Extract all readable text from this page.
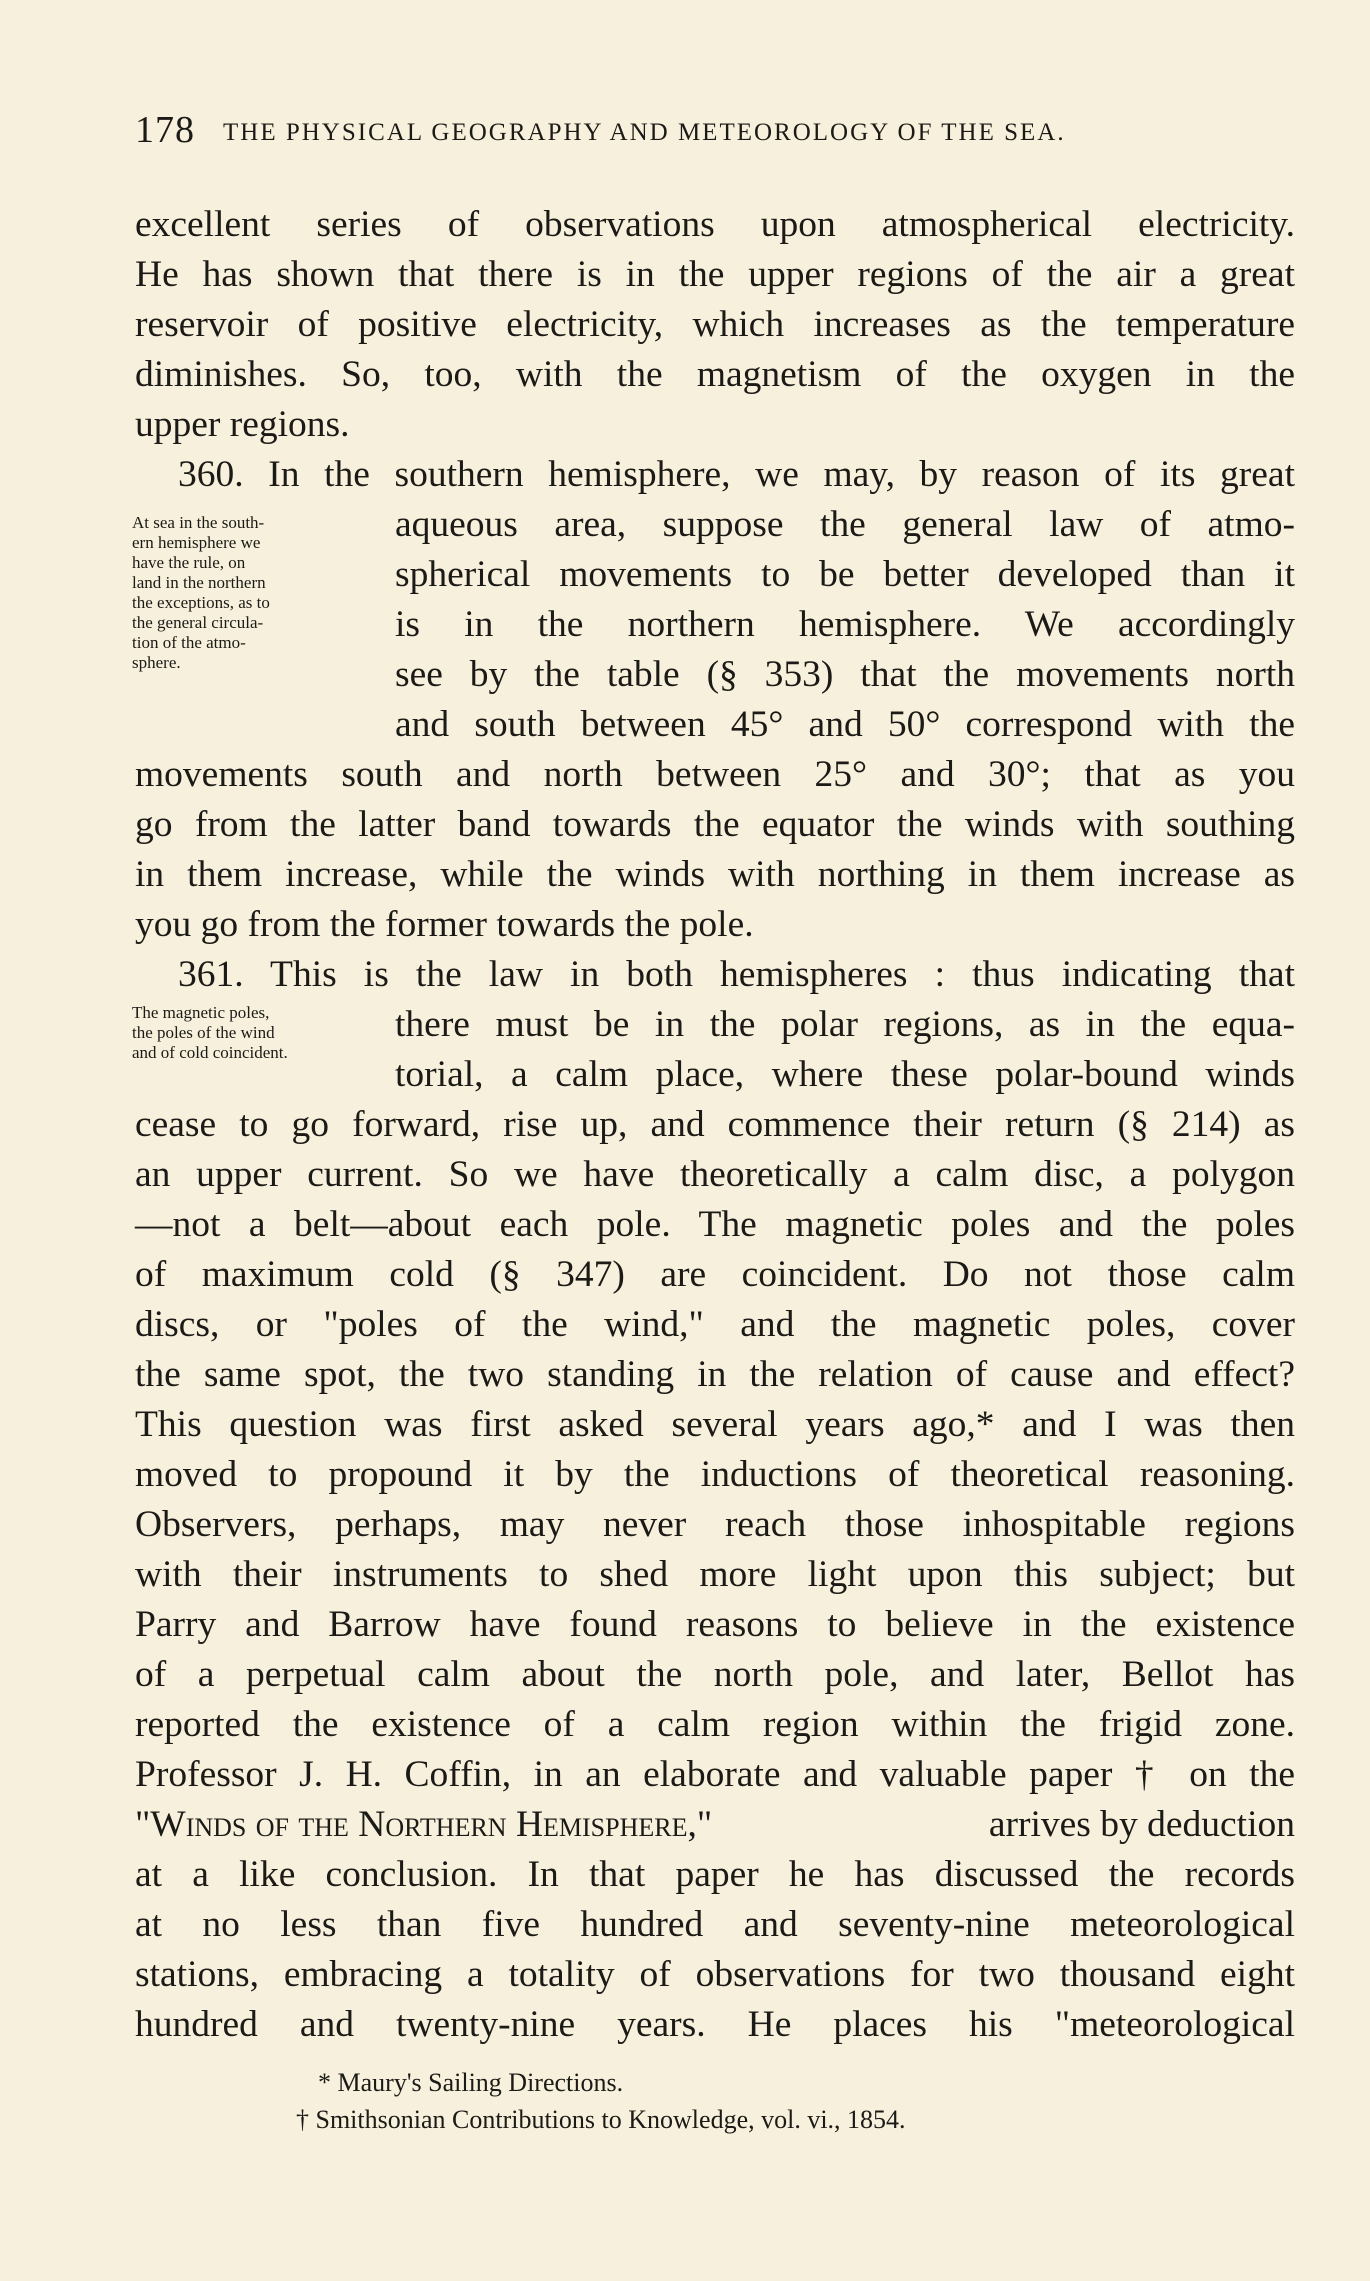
178 THE PHYSICAL GEOGRAPHY AND METEOROLOGY OF THE SEA.
excellent series of observations upon atmospherical electricity.
He has shown that there is in the upper regions of the air a great
reservoir of positive electricity, which increases as the temperature
diminishes. So, too, with the magnetism of the oxygen in the
upper regions.
360. In the southern hemisphere, we may, by reason of its great
aqueous area, suppose the general law of atmo-
spherical movements to be better developed than it
is in the northern hemisphere. We accordingly
see by the table (§ 353) that the movements north
and south between 45° and 50° correspond with the
At sea in the south-
ern hemisphere we
have the rule, on
land in the northern
the exceptions, as to
the general circula-
tion of the atmo-
sphere.
movements south and north between 25° and 30°; that as you
go from the latter band towards the equator the winds with southing
in them increase, while the winds with northing in them increase as
you go from the former towards the pole.
361. This is the law in both hemispheres : thus indicating that
there must be in the polar regions, as in the equa-
torial, a calm place, where these polar-bound winds
The magnetic poles,
the poles of the wind
and of cold coincident.
cease to go forward, rise up, and commence their return (§ 214) as
an upper current. So we have theoretically a calm disc, a polygon
—not a belt—about each pole. The magnetic poles and the poles
of maximum cold (§ 347) are coincident. Do not those calm
discs, or "poles of the wind," and the magnetic poles, cover
the same spot, the two standing in the relation of cause and effect?
This question was first asked several years ago,* and I was then
moved to propound it by the inductions of theoretical reasoning.
Observers, perhaps, may never reach those inhospitable regions
with their instruments to shed more light upon this subject; but
Parry and Barrow have found reasons to believe in the existence
of a perpetual calm about the north pole, and later, Bellot has
reported the existence of a calm region within the frigid zone.
Professor J. H. Coffin, in an elaborate and valuable paper † on the
"Winds of the Northern Hemisphere,"	arrives by deduction
at a like conclusion. In that paper he has discussed the records
at no less than five hundred and seventy-nine meteorological
stations, embracing a totality of observations for two thousand eight
hundred and twenty-nine years. He places his "meteorological
* Maury's Sailing Directions.
† Smithsonian Contributions to Knowledge, vol. vi., 1854.
